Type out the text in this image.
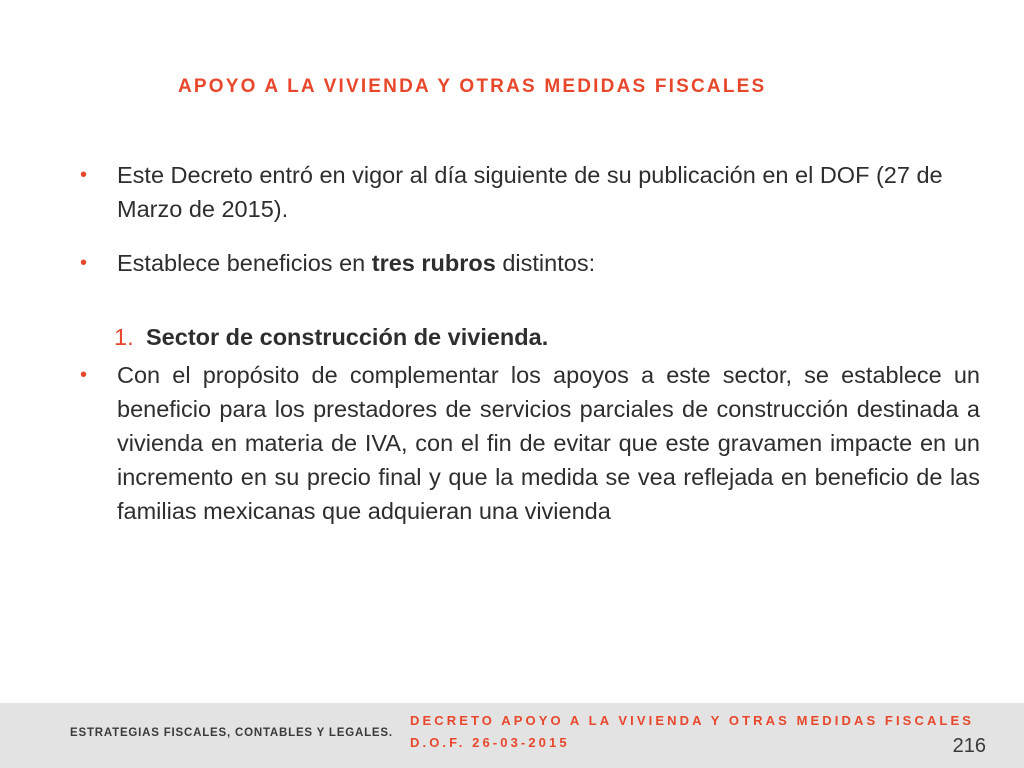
APOYO A LA VIVIENDA Y OTRAS MEDIDAS FISCALES
• Este Decreto entró en vigor al día siguiente de su publicación en el DOF (27 de Marzo de 2015).
• Establece beneficios en tres rubros distintos:
1. Sector de construcción de vivienda.
• Con el propósito de complementar los apoyos a este sector, se establece un beneficio para los prestadores de servicios parciales de construcción destinada a vivienda en materia de IVA, con el fin de evitar que este gravamen impacte en un incremento en su precio final y que la medida se vea reflejada en beneficio de las familias mexicanas que adquieran una vivienda
ESTRATEGIAS FISCALES, CONTABLES Y LEGALES.
DECRETO APOYO A LA VIVIENDA Y OTRAS MEDIDAS FISCALES
D.O.F. 26-03-2015	216
